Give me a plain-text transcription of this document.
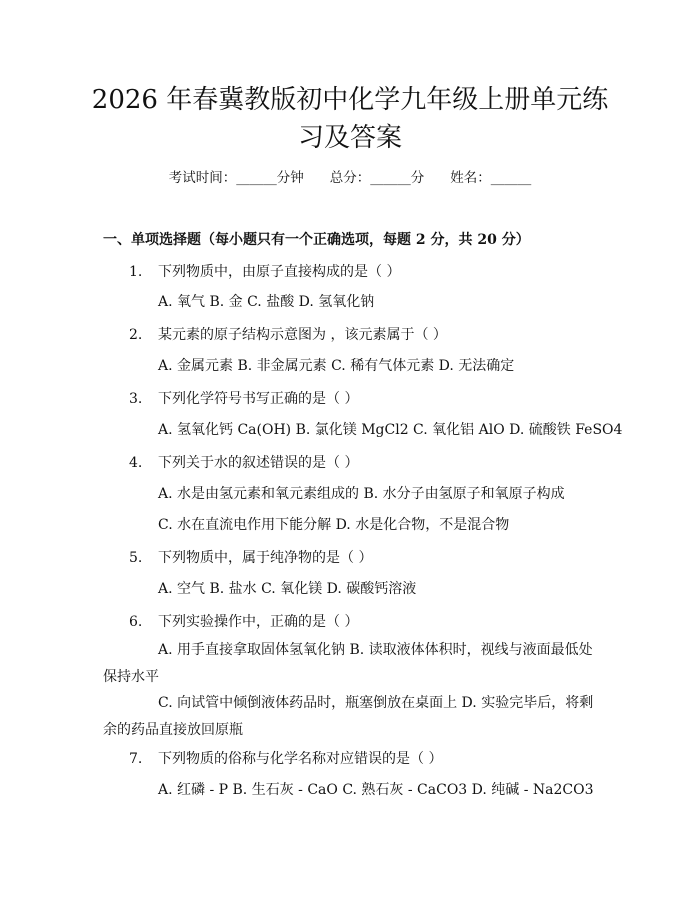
2026 年春冀教版初中化学九年级上册单元练
习及答案
考试时间：______分钟 总分：______分 姓名：______
一、单项选择题（每小题只有一个正确选项，每题 2 分，共 20 分）
1. 下列物质中，由原子直接构成的是（ ）
A. 氧气 B. 金 C. 盐酸 D. 氢氧化钠
2. 某元素的原子结构示意图为 ，该元素属于（ ）
A. 金属元素 B. 非金属元素 C. 稀有气体元素 D. 无法确定
3. 下列化学符号书写正确的是（ ）
A. 氢氧化钙 Ca(OH) B. 氯化镁 MgCl2 C. 氧化铝 AlO D. 硫酸铁 FeSO4
4. 下列关于水的叙述错误的是（ ）
A. 水是由氢元素和氧元素组成的 B. 水分子由氢原子和氧原子构成
C. 水在直流电作用下能分解 D. 水是化合物，不是混合物
5. 下列物质中，属于纯净物的是（ ）
A. 空气 B. 盐水 C. 氧化镁 D. 碳酸钙溶液
6. 下列实验操作中，正确的是（ ）
A. 用手直接拿取固体氢氧化钠 B. 读取液体体积时，视线与液面最低处保持水平
C. 向试管中倾倒液体药品时，瓶塞倒放在桌面上 D. 实验完毕后，将剩余的药品直接放回原瓶
7. 下列物质的俗称与化学名称对应错误的是（ ）
A. 红磷 - P B. 生石灰 - CaO C. 熟石灰 - CaCO3 D. 纯碱 - Na2CO3
